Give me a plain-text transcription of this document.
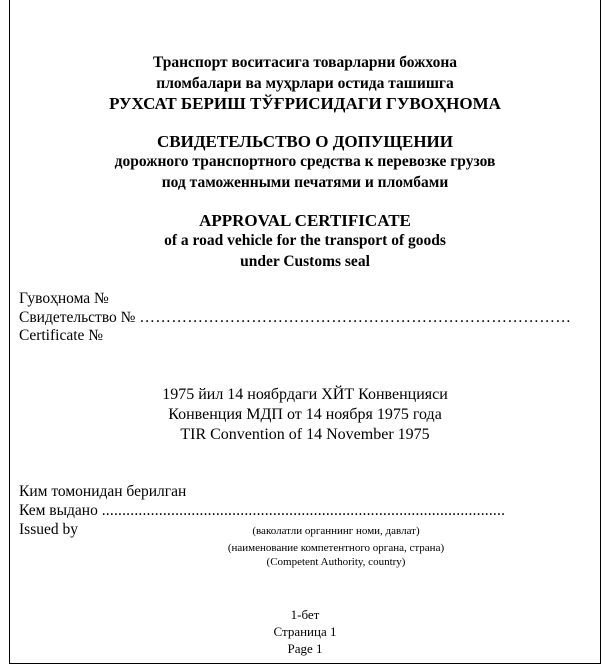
Транспорт воситасига товарларни божхона
пломбалари ва муҳрлари остида ташишга
РУХСАТ БЕРИШ ТЎҒРИСИДАГИ ГУВОҲНОМА
СВИДЕТЕЛЬСТВО О ДОПУЩЕНИИ
дорожного транспортного средства к перевозке грузов
под таможенными печатями и пломбами
APPROVAL CERTIFICATE
of a road vehicle for the transport of goods
under Customs seal
Гувоҳнома №
Свидетельство № ………………………………………………………………………
Certificate №
1975 йил 14 ноябрдаги ХЙТ Конвенцияси
Конвенция МДП от 14 ноября 1975 года
TIR Convention of 14 November 1975
Ким томонидан берилган
Кем выдано ...................................................................................................
Issued by	(ваколатли органнинг номи, давлат)
(наименование компетентного органа, страна)
(Competent Authority, country)
1-бет
Страница 1
Page 1
